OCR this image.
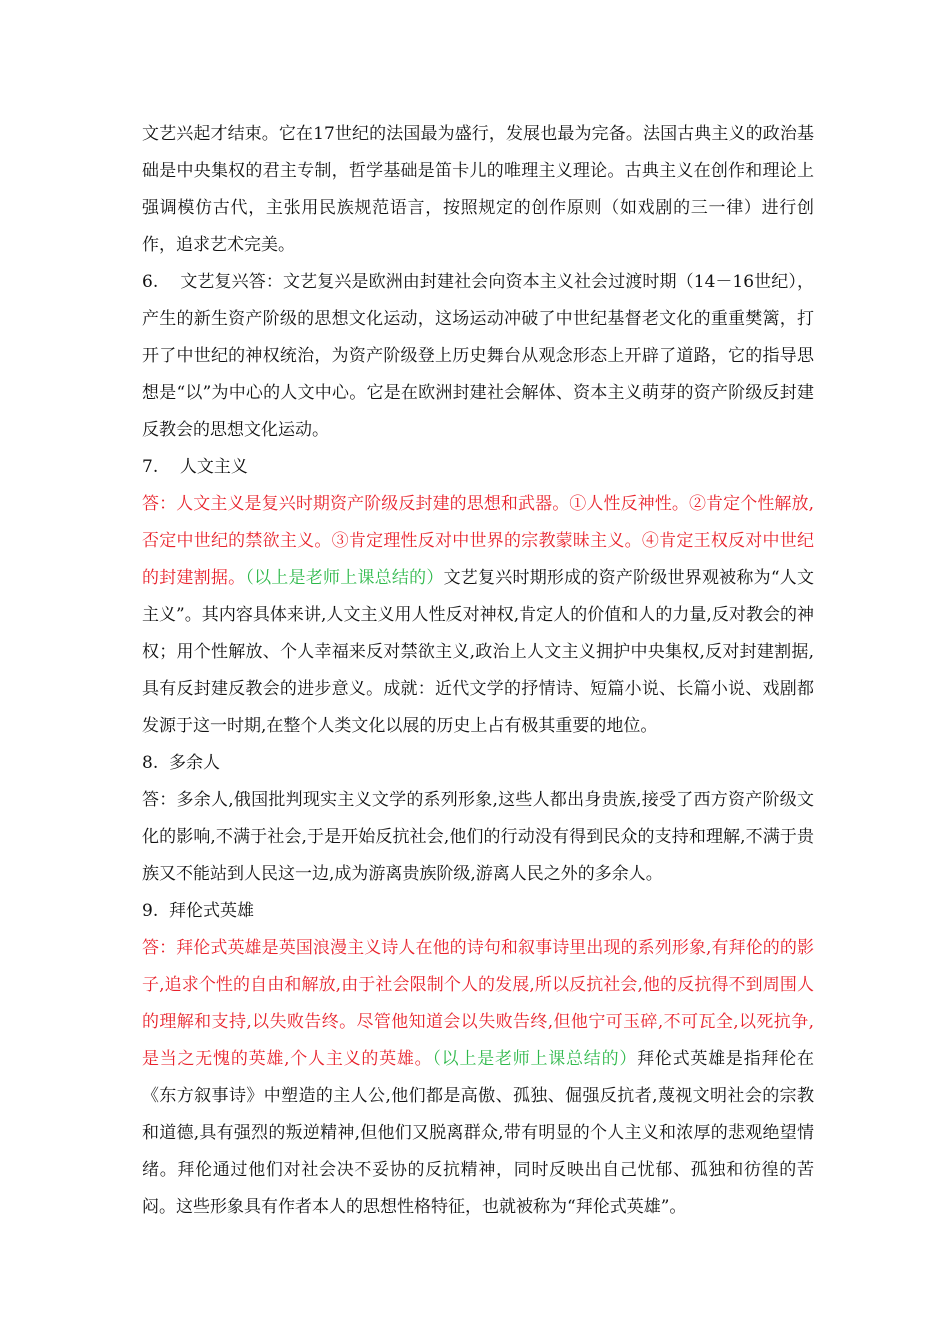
文艺兴起才结束。它在17世纪的法国最为盛行，发展也最为完备。法国古典主义的政治基础是中央集权的君主专制，哲学基础是笛卡儿的唯理主义理论。古典主义在创作和理论上强调模仿古代，主张用民族规范语言，按照规定的创作原则（如戏剧的三一律）进行创作，追求艺术完美。

6. 文艺复兴答：文艺复兴是欧洲由封建社会向资本主义社会过渡时期（14－16世纪），产生的新生资产阶级的思想文化运动，这场运动冲破了中世纪基督老文化的重重樊篱，打开了中世纪的神权统治，为资产阶级登上历史舞台从观念形态上开辟了道路，它的指导思想是“以”为中心的人文中心。它是在欧洲封建社会解体、资本主义萌芽的资产阶级反封建反教会的思想文化运动。

7. 人文主义

答：人文主义是复兴时期资产阶级反封建的思想和武器。①人性反神性。②肯定个性解放,否定中世纪的禁欲主义。③肯定理性反对中世界的宗教蒙昧主义。④肯定王权反对中世纪的封建割据。（以上是老师上课总结的）文艺复兴时期形成的资产阶级世界观被称为“人文主义”。其内容具体来讲,人文主义用人性反对神权,肯定人的价值和人的力量,反对教会的神权；用个性解放、个人幸福来反对禁欲主义,政治上人文主义拥护中央集权,反对封建割据,具有反封建反教会的进步意义。成就：近代文学的抒情诗、短篇小说、长篇小说、戏剧都发源于这一时期,在整个人类文化以展的历史上占有极其重要的地位。

8. 多余人

答：多余人,俄国批判现实主义文学的系列形象,这些人都出身贵族,接受了西方资产阶级文化的影响,不满于社会,于是开始反抗社会,他们的行动没有得到民众的支持和理解,不满于贵族又不能站到人民这一边,成为游离贵族阶级,游离人民之外的多余人。

9. 拜伦式英雄

答：拜伦式英雄是英国浪漫主义诗人在他的诗句和叙事诗里出现的系列形象,有拜伦的的影子,追求个性的自由和解放,由于社会限制个人的发展,所以反抗社会,他的反抗得不到周围人的理解和支持,以失败告终。尽管他知道会以失败告终,但他宁可玉碎,不可瓦全,以死抗争,是当之无愧的英雄,个人主义的英雄。（以上是老师上课总结的）拜伦式英雄是指拜伦在《东方叙事诗》中塑造的主人公,他们都是高傲、孤独、倔强反抗者,蔑视文明社会的宗教和道德,具有强烈的叛逆精神,但他们又脱离群众,带有明显的个人主义和浓厚的悲观绝望情绪。拜伦通过他们对社会决不妥协的反抗精神，同时反映出自己忧郁、孤独和彷徨的苦闷。这些形象具有作者本人的思想性格特征，也就被称为“拜伦式英雄”。
